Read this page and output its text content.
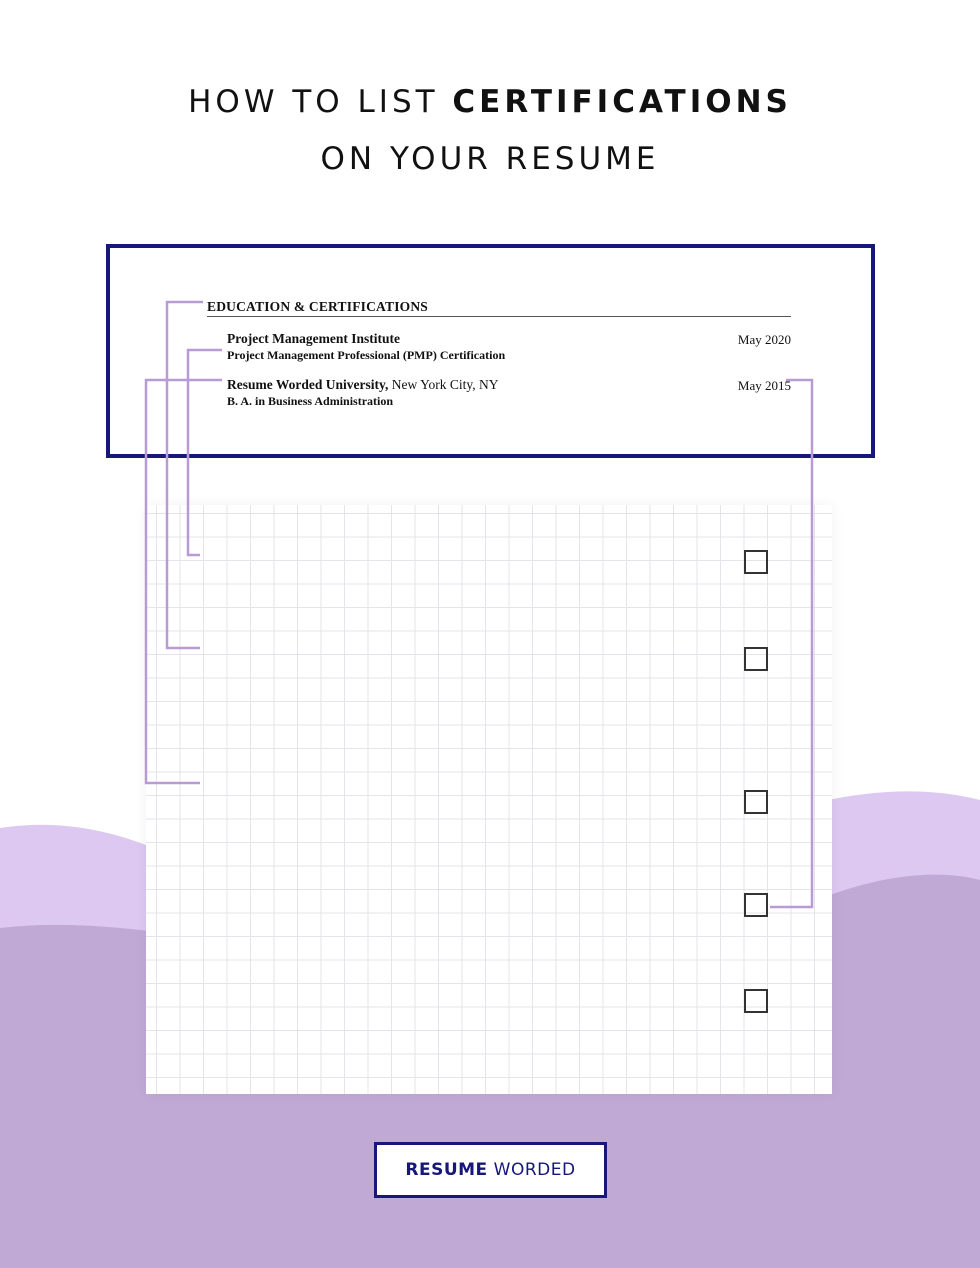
HOW TO LIST CERTIFICATIONS
ON YOUR RESUME
EDUCATION & CERTIFICATIONS
Project Management Institute
Project Management Professional (PMP) Certification
May 2020
Resume Worded University, New York City, NY
B. A. in Business Administration
May 2015
RESUME WORDED
